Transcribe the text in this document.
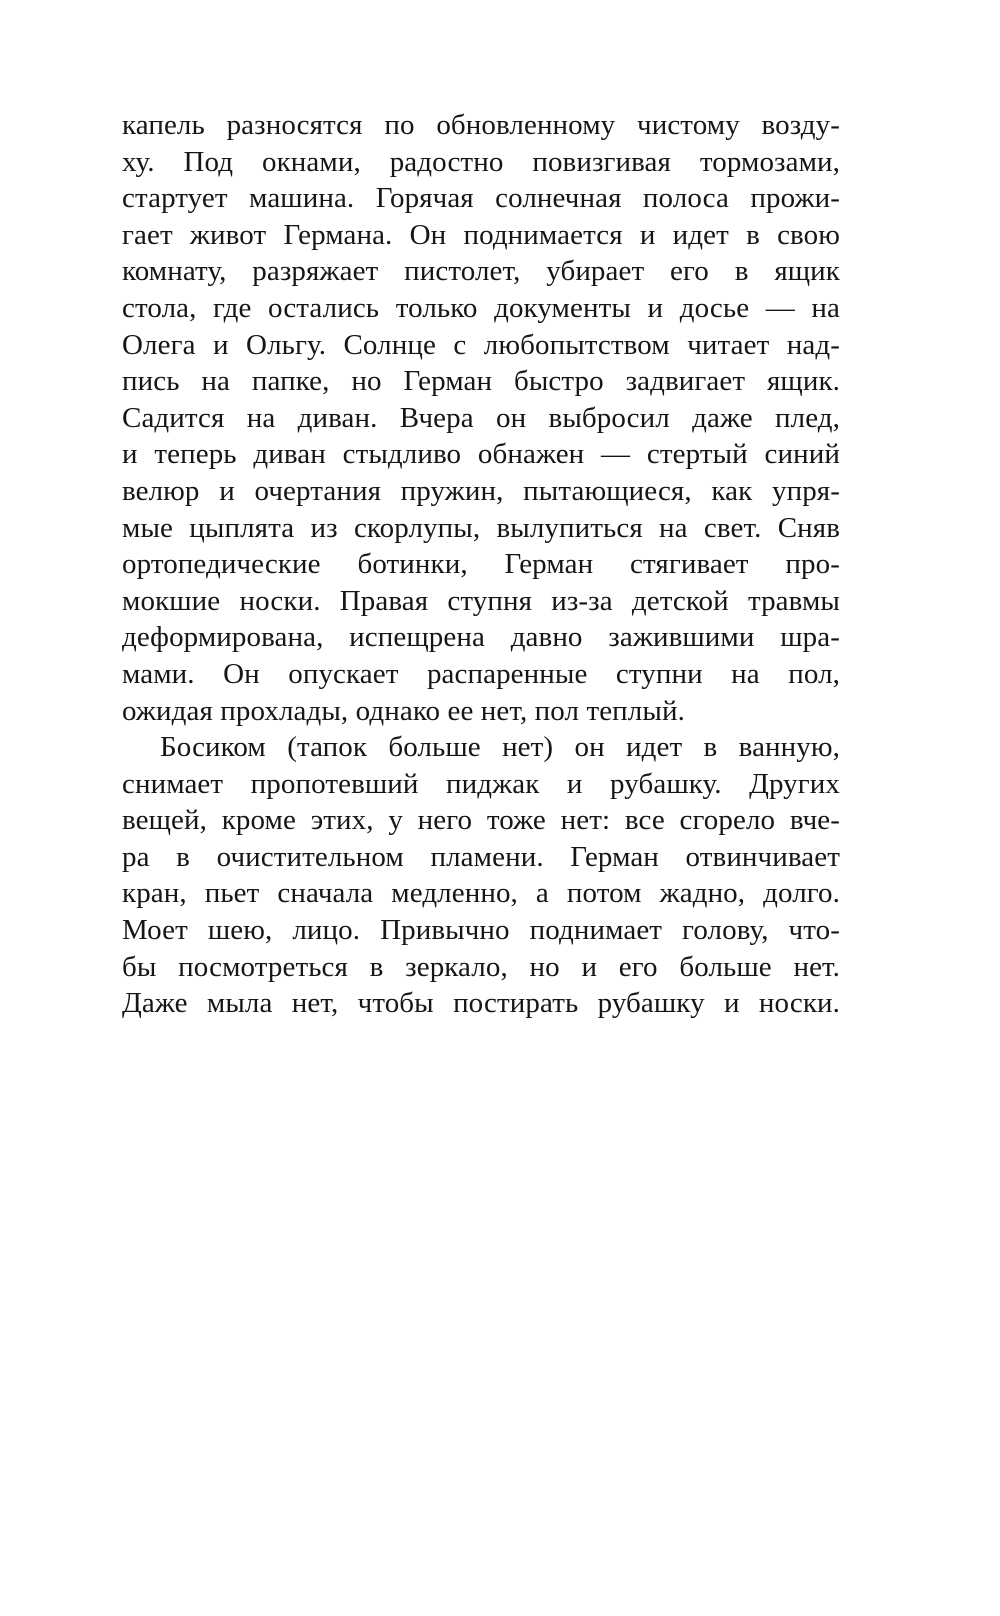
капель разносятся по обновленному чистому возду-
ху. Под окнами, радостно повизгивая тормозами,
стартует машина. Горячая солнечная полоса прожи-
гает живот Германа. Он поднимается и идет в свою
комнату, разряжает пистолет, убирает его в ящик
стола, где остались только документы и досье — на
Олега и Ольгу. Солнце с любопытством читает над-
пись на папке, но Герман быстро задвигает ящик.
Садится на диван. Вчера он выбросил даже плед,
и теперь диван стыдливо обнажен — стертый синий
велюр и очертания пружин, пытающиеся, как упря-
мые цыплята из скорлупы, вылупиться на свет. Сняв
ортопедические ботинки, Герман стягивает про-
мокшие носки. Правая ступня из-за детской травмы
деформирована, испещрена давно зажившими шра-
мами. Он опускает распаренные ступни на пол,
ожидая прохлады, однако ее нет, пол теплый.
Босиком (тапок больше нет) он идет в ванную,
снимает пропотевший пиджак и рубашку. Других
вещей, кроме этих, у него тоже нет: все сгорело вче-
ра в очистительном пламени. Герман отвинчивает
кран, пьет сначала медленно, а потом жадно, долго.
Моет шею, лицо. Привычно поднимает голову, что-
бы посмотреться в зеркало, но и его больше нет.
Даже мыла нет, чтобы постирать рубашку и носки.
